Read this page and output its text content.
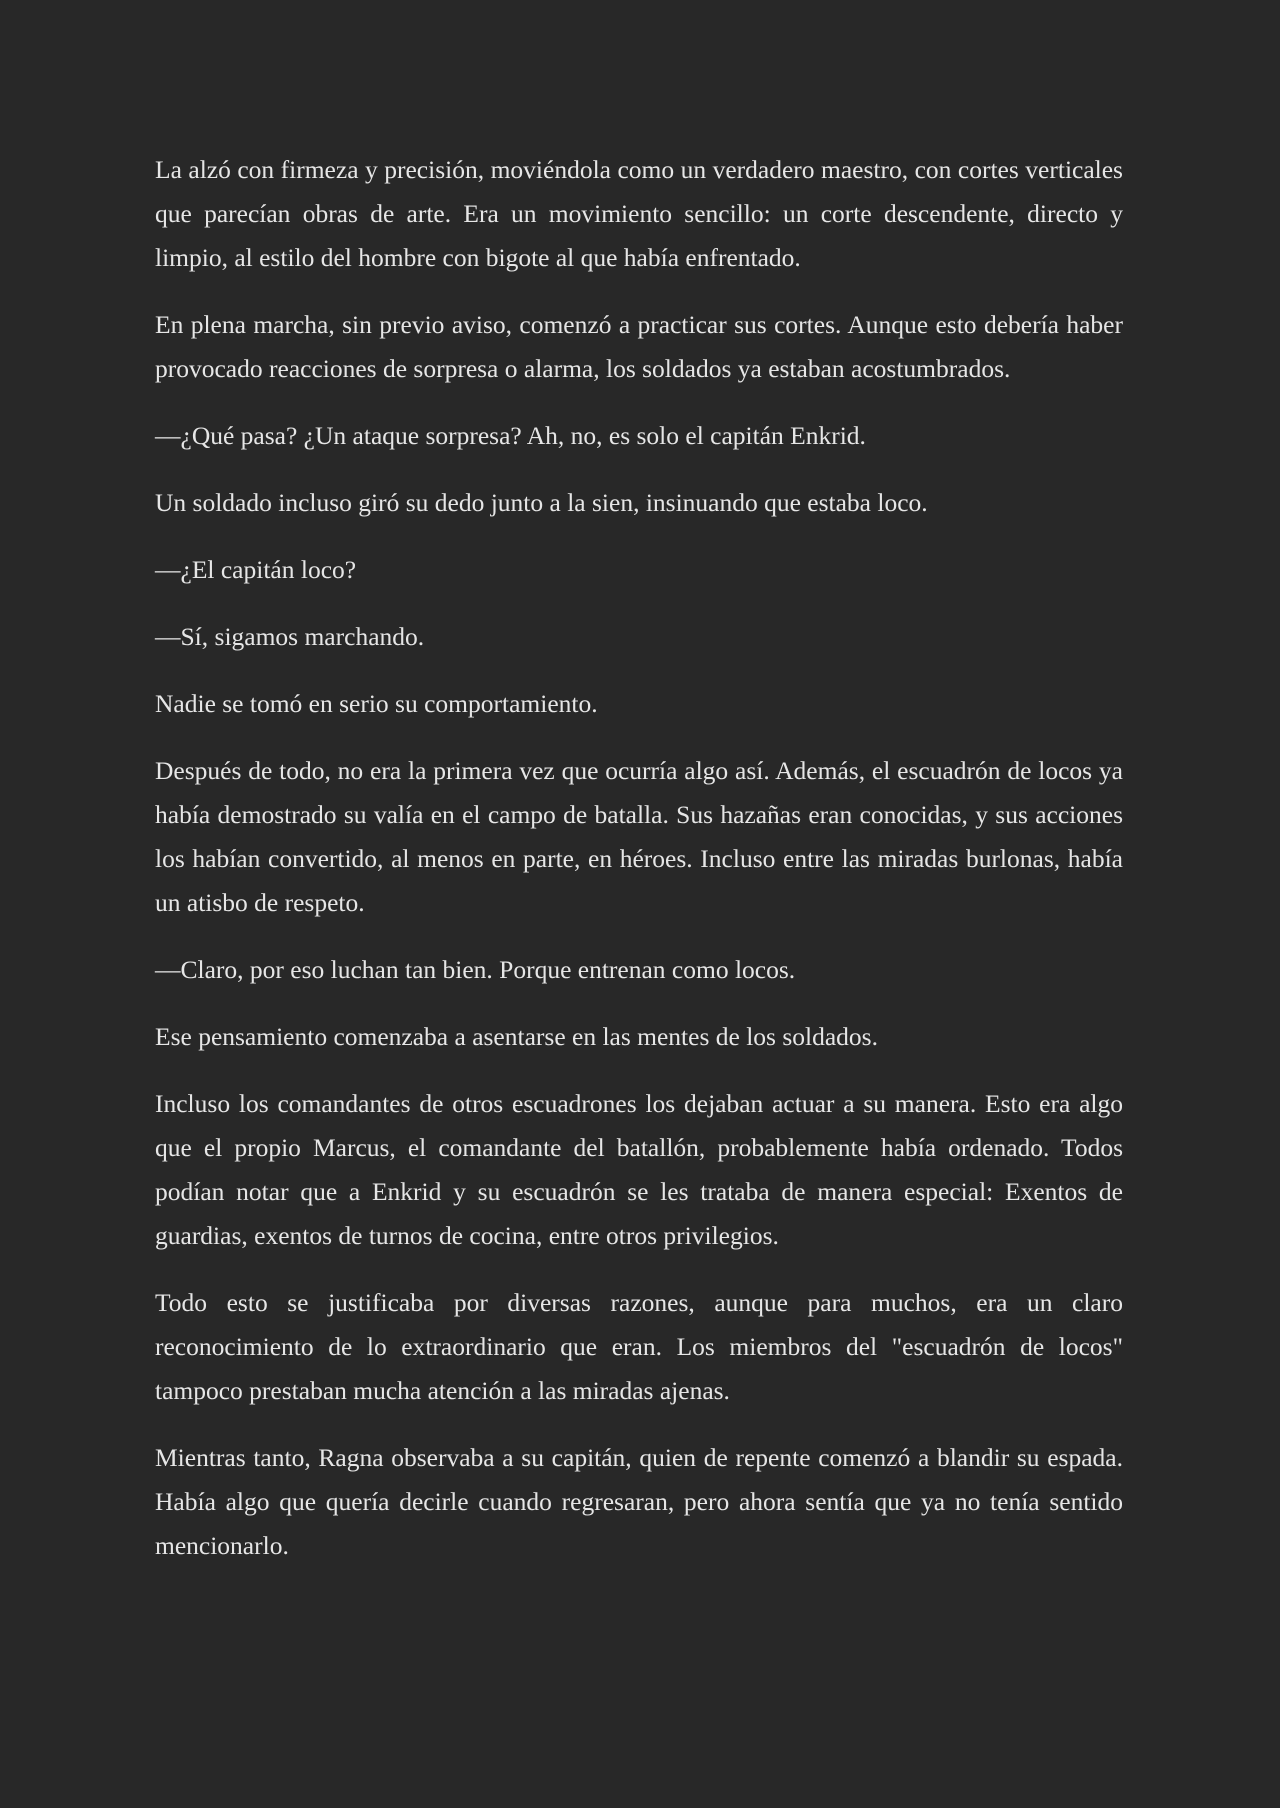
La alzó con firmeza y precisión, moviéndola como un verdadero maestro, con cortes verticales que parecían obras de arte. Era un movimiento sencillo: un corte descendente, directo y limpio, al estilo del hombre con bigote al que había enfrentado.

En plena marcha, sin previo aviso, comenzó a practicar sus cortes. Aunque esto debería haber provocado reacciones de sorpresa o alarma, los soldados ya estaban acostumbrados.

—¿Qué pasa? ¿Un ataque sorpresa? Ah, no, es solo el capitán Enkrid.

Un soldado incluso giró su dedo junto a la sien, insinuando que estaba loco.

—¿El capitán loco?

—Sí, sigamos marchando.

Nadie se tomó en serio su comportamiento.

Después de todo, no era la primera vez que ocurría algo así. Además, el escuadrón de locos ya había demostrado su valía en el campo de batalla. Sus hazañas eran conocidas, y sus acciones los habían convertido, al menos en parte, en héroes. Incluso entre las miradas burlonas, había un atisbo de respeto.

—Claro, por eso luchan tan bien. Porque entrenan como locos.

Ese pensamiento comenzaba a asentarse en las mentes de los soldados.

Incluso los comandantes de otros escuadrones los dejaban actuar a su manera. Esto era algo que el propio Marcus, el comandante del batallón, probablemente había ordenado. Todos podían notar que a Enkrid y su escuadrón se les trataba de manera especial: Exentos de guardias, exentos de turnos de cocina, entre otros privilegios.

Todo esto se justificaba por diversas razones, aunque para muchos, era un claro reconocimiento de lo extraordinario que eran. Los miembros del "escuadrón de locos" tampoco prestaban mucha atención a las miradas ajenas.

Mientras tanto, Ragna observaba a su capitán, quien de repente comenzó a blandir su espada. Había algo que quería decirle cuando regresaran, pero ahora sentía que ya no tenía sentido mencionarlo.
